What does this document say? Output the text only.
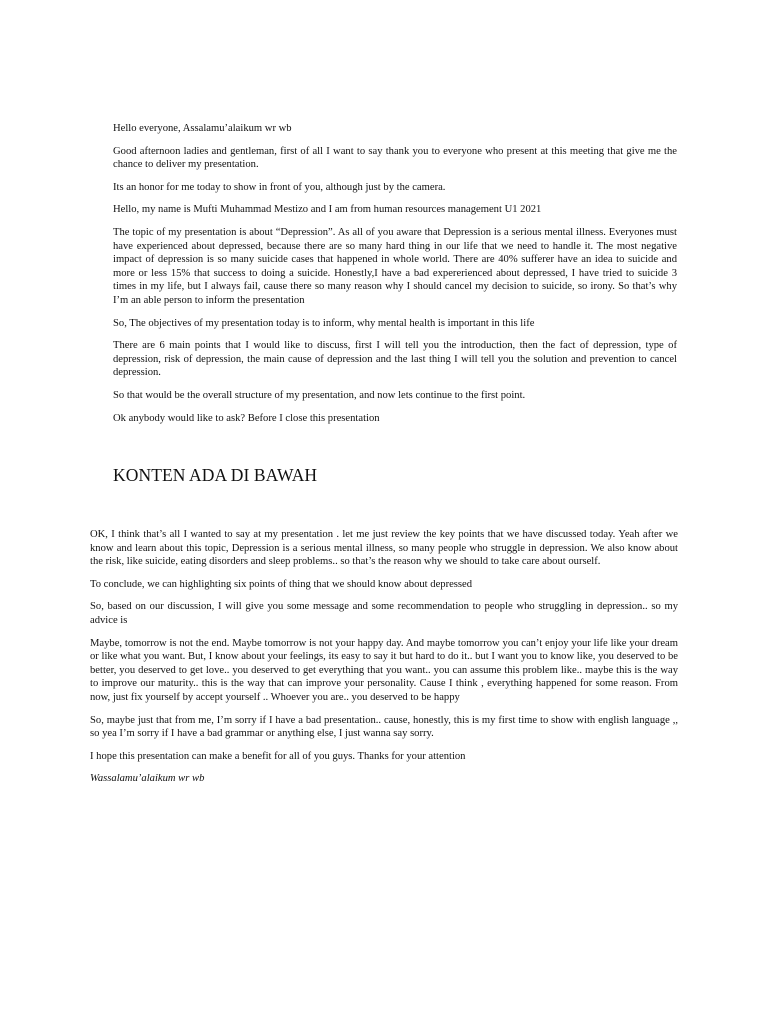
Hello everyone, Assalamu’alaikum wr wb

Good afternoon ladies and gentleman, first of all I want to say thank you to everyone who present at this meeting that give me the chance to deliver my presentation.

Its an honor for me today to show in front of you, although just by the camera.

Hello, my name is Mufti Muhammad Mestizo and I am from human resources management U1 2021

The topic of my presentation is about “Depression”. As all of you aware that Depression is a serious mental illness. Everyones must have experienced about depressed, because there are so many hard thing in our life that we need to handle it. The most negative impact of depression is so many suicide cases that happened in whole world. There are 40% sufferer have an idea to suicide and more or less 15% that success to doing a suicide. Honestly,I have a bad expererienced about depressed, I have tried to suicide 3 times in my life, but I always fail, cause there so many reason why I should cancel my decision to suicide, so irony. So that’s why I’m an able person to inform the presentation

So, The objectives of my presentation today is to inform, why mental health is important in this life

There are 6 main points that I would like to discuss, first I will tell you the introduction, then the fact of depression, type of depression, risk of depression, the main cause of depression and the last thing I will tell you the solution and prevention to cancel depression.

So that would be the overall structure of my presentation, and now lets continue to the first point.

Ok anybody would like to ask? Before I close this presentation

KONTEN ADA DI BAWAH

OK, I think that’s all I wanted to say at my presentation . let me just review the key points that we have discussed today. Yeah after we know and learn about this topic, Depression is a serious mental illness, so many people who struggle in depression. We also know about the risk, like suicide, eating disorders and sleep problems.. so that’s the reason why we should to take care about ourself.

To conclude, we can highlighting six points of thing that we should know about depressed

So, based on our discussion, I will give you some message and some recommendation to people who struggling in depression.. so my advice is

Maybe, tomorrow is not the end. Maybe tomorrow is not your happy day. And maybe tomorrow you can’t enjoy your life like your dream or like what you want. But, I know about your feelings, its easy to say it but hard to do it.. but I want you to know like, you deserved to be better, you deserved to get love.. you deserved to get everything that you want.. you can assume this problem like.. maybe this is the way to improve our maturity.. this is the way that can improve your personality. Cause I think , everything happened for some reason. From now, just fix yourself by accept yourself .. Whoever you are.. you deserved to be happy

So, maybe just that from me, I’m sorry if I have a bad presentation.. cause, honestly, this is my first time to show with english language ,, so yea I’m sorry if I have a bad grammar or anything else, I just wanna say sorry.

I hope this presentation can make a benefit for all of you guys. Thanks for your attention

Wassalamu’alaikum wr wb
